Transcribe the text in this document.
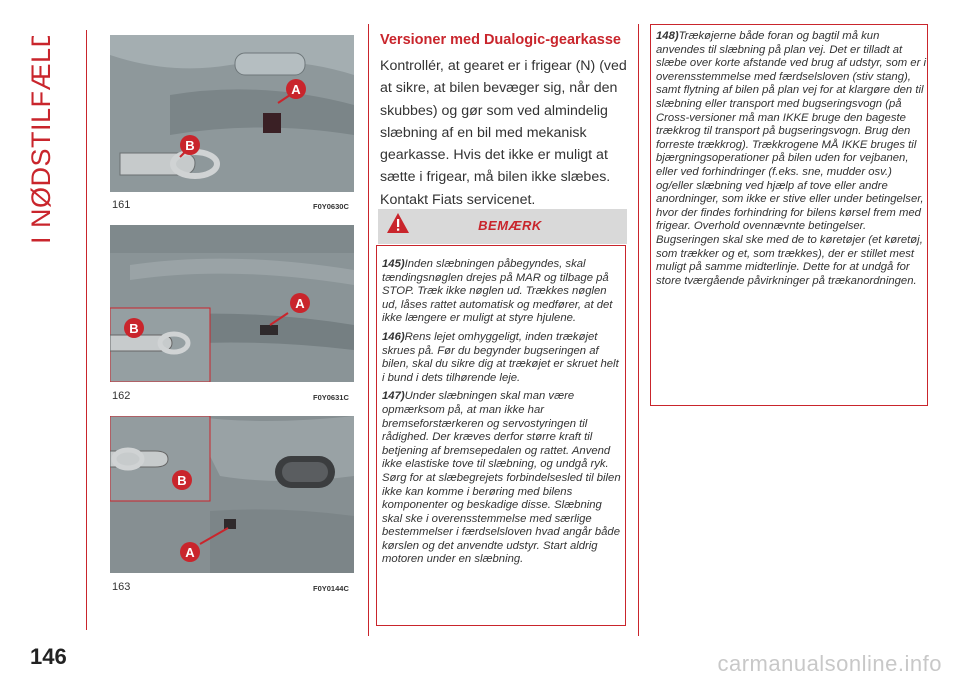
I NØDSTILFÆLDE
146
A
B
161	F0Y0630C
A
B
162	F0Y0631C
A
B
163	F0Y0144C
Versioner med Dualogic-gearkasse

Kontrollér, at gearet er i frigear (N) (ved at sikre, at bilen bevæger sig, når den skubbes) og gør som ved almindelig slæbning af en bil med mekanisk gearkasse. Hvis det ikke er muligt at sætte i frigear, må bilen ikke slæbes. Kontakt Fiats servicenet.

BEMÆRK

145)Inden slæbningen påbegyndes, skal tændingsnøglen drejes på MAR og tilbage på STOP. Træk ikke nøglen ud. Trækkes nøglen ud, låses rattet automatisk og medfører, at det ikke længere er muligt at styre hjulene.

146)Rens lejet omhyggeligt, inden trækøjet skrues på. Før du begynder bugseringen af bilen, skal du sikre dig at trækøjet er skruet helt i bund i dets tilhørende leje.

147)Under slæbningen skal man være opmærksom på, at man ikke har bremseforstærkeren og servostyringen til rådighed. Der kræves derfor større kraft til betjening af bremsepedalen og rattet. Anvend ikke elastiske tove til slæbning, og undgå ryk. Sørg for at slæbegrejets forbindelsesled til bilen ikke kan komme i berøring med bilens komponenter og beskadige disse. Slæbning skal ske i overensstemmelse med særlige bestemmelser i færdselsloven hvad angår både kørslen og det anvendte udstyr. Start aldrig motoren under en slæbning.

148)Trækøjerne både foran og bagtil må kun anvendes til slæbning på plan vej. Det er tilladt at slæbe over korte afstande ved brug af udstyr, som er i overensstemmelse med færdselsloven (stiv stang), samt flytning af bilen på plan vej for at klargøre den til slæbning eller transport med bugseringsvogn (på Cross-versioner må man IKKE bruge den bageste trækkrog til transport på bugseringsvogn. Brug den forreste trækkrog). Trækkrogene MÅ IKKE bruges til bjærgningsoperationer på bilen uden for vejbanen, eller ved forhindringer (f.eks. sne, mudder osv.) og/eller slæbning ved hjælp af tove eller andre anordninger, som ikke er stive eller under betingelser, hvor der findes forhindring for bilens kørsel frem med frigear. Overhold ovennævnte betingelser. Bugseringen skal ske med de to køretøjer (et køretøj, som trækker og et, som trækkes), der er stillet mest muligt på samme midterlinje. Dette for at undgå for store tværgående påvirkninger på trækanordningen.

carmanualsonline.info
